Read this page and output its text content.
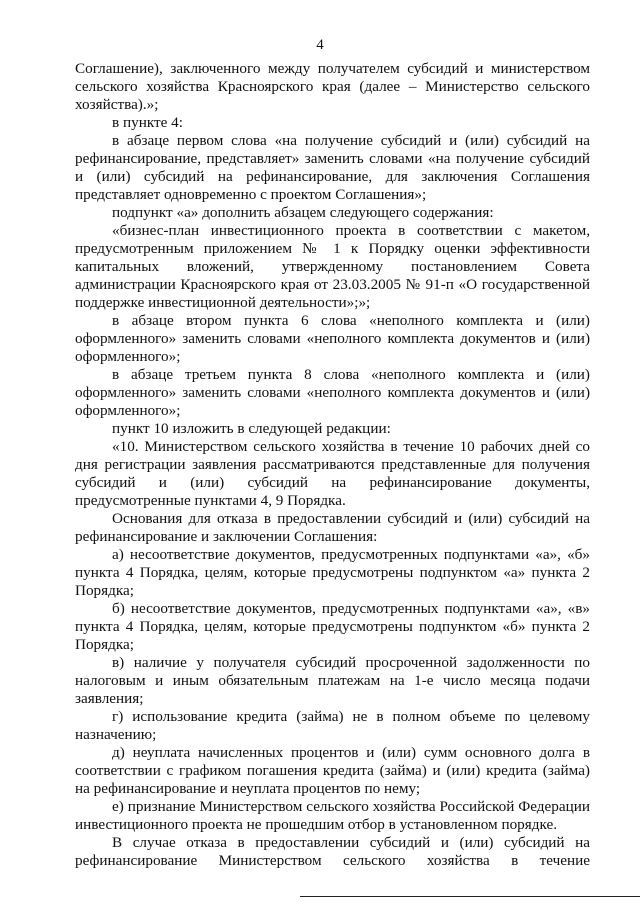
4

Соглашение), заключенного между получателем субсидий и министерством сельского хозяйства Красноярского края (далее – Министерство сельского хозяйства).»;

в пункте 4:

в абзаце первом слова «на получение субсидий и (или) субсидий на рефинансирование, представляет» заменить словами «на получение субсидий и (или) субсидий на рефинансирование, для заключения Соглашения представляет одновременно с проектом Соглашения»;

подпункт «а» дополнить абзацем следующего содержания:

«бизнес-план инвестиционного проекта в соответствии с макетом, предусмотренным приложением № 1 к Порядку оценки эффективности капитальных вложений, утвержденному постановлением Совета администрации Красноярского края от 23.03.2005 № 91-п «О государственной поддержке инвестиционной деятельности»;»;

в абзаце втором пункта 6 слова «неполного комплекта и (или) оформленного» заменить словами «неполного комплекта документов и (или) оформленного»;

в абзаце третьем пункта 8 слова «неполного комплекта и (или) оформленного» заменить словами «неполного комплекта документов и (или) оформленного»;

пункт 10 изложить в следующей редакции:

«10. Министерством сельского хозяйства в течение 10 рабочих дней со дня регистрации заявления рассматриваются представленные для получения субсидий и (или) субсидий на рефинансирование документы, предусмотренные пунктами 4, 9 Порядка.

Основания для отказа в предоставлении субсидий и (или) субсидий на рефинансирование и заключении Соглашения:

а) несоответствие документов, предусмотренных подпунктами «а», «б» пункта 4 Порядка, целям, которые предусмотрены подпунктом «а» пункта 2 Порядка;

б) несоответствие документов, предусмотренных подпунктами «а», «в» пункта 4 Порядка, целям, которые предусмотрены подпунктом «б» пункта 2 Порядка;

в) наличие у получателя субсидий просроченной задолженности по налоговым и иным обязательным платежам на 1-е число месяца подачи заявления;

г) использование кредита (займа) не в полном объеме по целевому назначению;

д) неуплата начисленных процентов и (или) сумм основного долга в соответствии с графиком погашения кредита (займа) и (или) кредита (займа) на рефинансирование и неуплата процентов по нему;

е) признание Министерством сельского хозяйства Российской Федерации инвестиционного проекта не прошедшим отбор в установленном порядке.

В случае отказа в предоставлении субсидий и (или) субсидий на рефинансирование Министерством сельского хозяйства в течение
